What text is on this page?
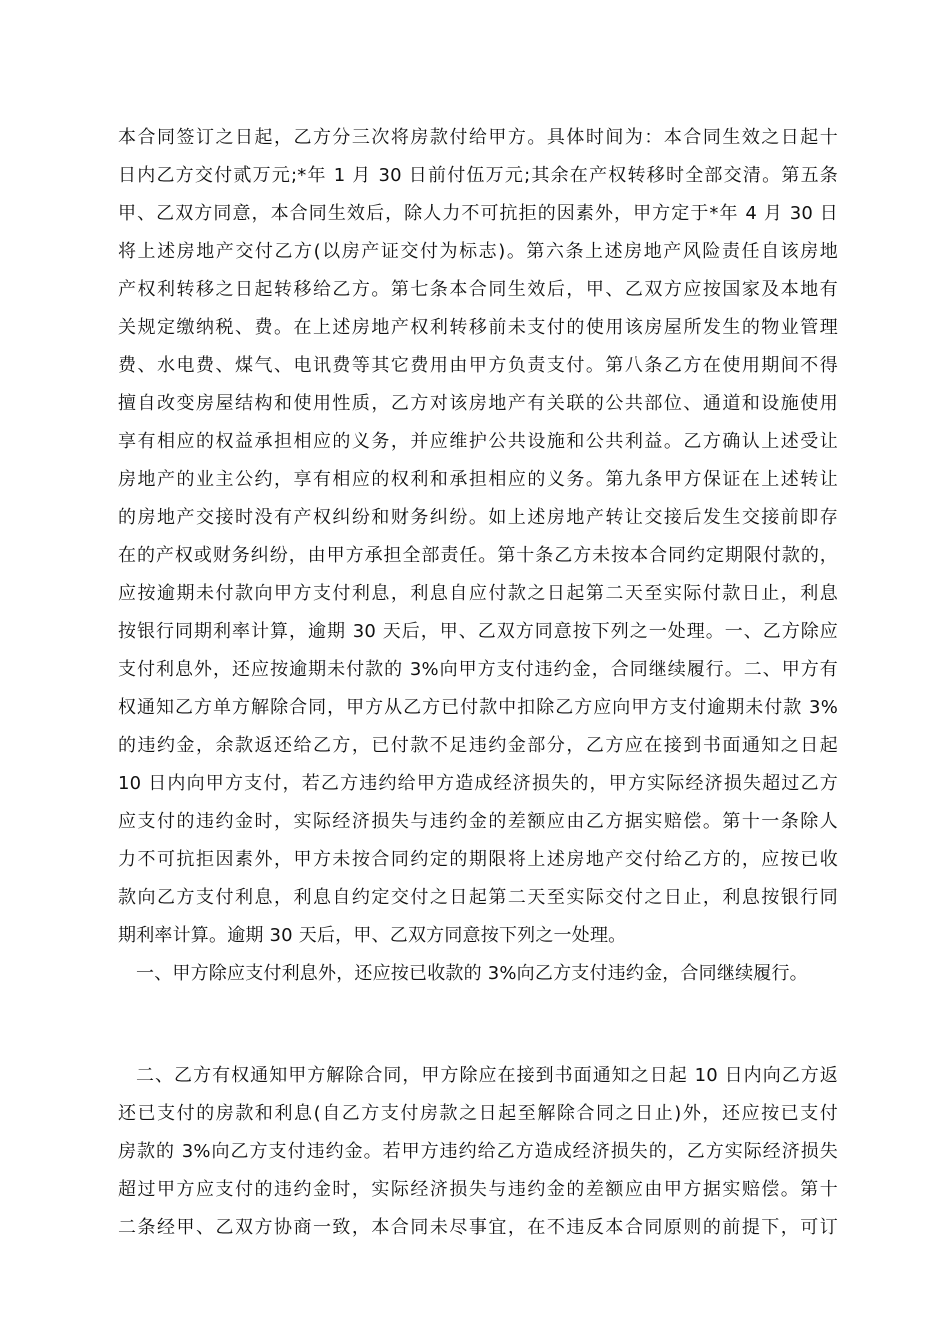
本合同签订之日起，乙方分三次将房款付给甲方。具体时间为：本合同生效之日起十
日内乙方交付贰万元;*年 1 月 30 日前付伍万元;其余在产权转移时全部交清。第五条
甲、乙双方同意，本合同生效后，除人力不可抗拒的因素外，甲方定于*年 4 月 30 日
将上述房地产交付乙方(以房产证交付为标志)。第六条上述房地产风险责任自该房地
产权利转移之日起转移给乙方。第七条本合同生效后，甲、乙双方应按国家及本地有
关规定缴纳税、费。在上述房地产权利转移前未支付的使用该房屋所发生的物业管理
费、水电费、煤气、电讯费等其它费用由甲方负责支付。第八条乙方在使用期间不得
擅自改变房屋结构和使用性质，乙方对该房地产有关联的公共部位、通道和设施使用
享有相应的权益承担相应的义务，并应维护公共设施和公共利益。乙方确认上述受让
房地产的业主公约，享有相应的权利和承担相应的义务。第九条甲方保证在上述转让
的房地产交接时没有产权纠纷和财务纠纷。如上述房地产转让交接后发生交接前即存
在的产权或财务纠纷，由甲方承担全部责任。第十条乙方未按本合同约定期限付款的，
应按逾期未付款向甲方支付利息，利息自应付款之日起第二天至实际付款日止，利息
按银行同期利率计算，逾期 30 天后，甲、乙双方同意按下列之一处理。一、乙方除应
支付利息外，还应按逾期未付款的 3%向甲方支付违约金，合同继续履行。二、甲方有
权通知乙方单方解除合同，甲方从乙方已付款中扣除乙方应向甲方支付逾期未付款 3%
的违约金，余款返还给乙方，已付款不足违约金部分，乙方应在接到书面通知之日起
10 日内向甲方支付，若乙方违约给甲方造成经济损失的，甲方实际经济损失超过乙方
应支付的违约金时，实际经济损失与违约金的差额应由乙方据实赔偿。第十一条除人
力不可抗拒因素外，甲方未按合同约定的期限将上述房地产交付给乙方的，应按已收
款向乙方支付利息，利息自约定交付之日起第二天至实际交付之日止，利息按银行同
期利率计算。逾期 30 天后，甲、乙双方同意按下列之一处理。
一、甲方除应支付利息外，还应按已收款的 3%向乙方支付违约金，合同继续履行。
二、乙方有权通知甲方解除合同，甲方除应在接到书面通知之日起 10 日内向乙方返
还已支付的房款和利息(自乙方支付房款之日起至解除合同之日止)外，还应按已支付
房款的 3%向乙方支付违约金。若甲方违约给乙方造成经济损失的，乙方实际经济损失
超过甲方应支付的违约金时，实际经济损失与违约金的差额应由甲方据实赔偿。第十
二条经甲、乙双方协商一致，本合同未尽事宜，在不违反本合同原则的前提下，可订
